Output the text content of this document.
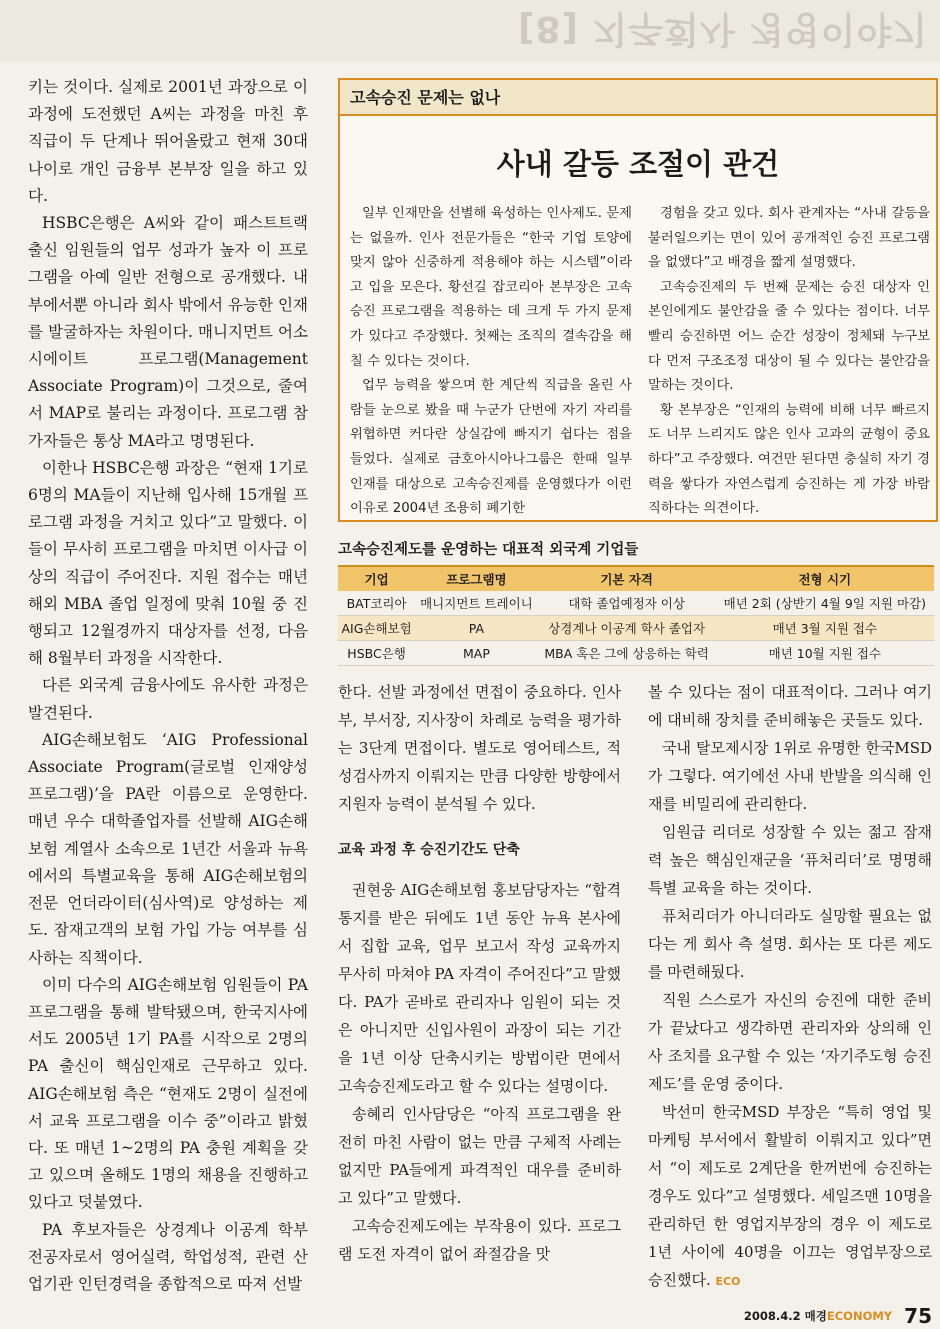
[8] 지주회사 경영이야기

키는 것이다. 실제로 2001년 과장으로 이 과정에 도전했던 A씨는 과정을 마친 후 직급이 두 단계나 뛰어올랐고 현재 30대 나이로 개인 금융부 본부장 일을 하고 있다.

HSBC은행은 A씨와 같이 패스트트랙 출신 임원들의 업무 성과가 높자 이 프로그램을 아예 일반 전형으로 공개했다. 내부에서뿐 아니라 회사 밖에서 유능한 인재를 발굴하자는 차원이다. 매니지먼트 어소시에이트 프로그램(Management Associate Program)이 그것으로, 줄여서 MAP로 불리는 과정이다. 프로그램 참가자들은 통상 MA라고 명명된다.

이한나 HSBC은행 과장은 “현재 1기로 6명의 MA들이 지난해 입사해 15개월 프로그램 과정을 거치고 있다”고 말했다. 이들이 무사히 프로그램을 마치면 이사급 이상의 직급이 주어진다. 지원 접수는 매년 해외 MBA 졸업 일정에 맞춰 10월 중 진행되고 12월경까지 대상자를 선정, 다음해 8월부터 과정을 시작한다.

다른 외국계 금융사에도 유사한 과정은 발견된다.

AIG손해보험도 ‘AIG Professional Associate Program(글로벌 인재양성 프로그램)’을 PA란 이름으로 운영한다. 매년 우수 대학졸업자를 선발해 AIG손해보험 계열사 소속으로 1년간 서울과 뉴욕에서의 특별교육을 통해 AIG손해보험의 전문 언더라이터(심사역)로 양성하는 제도. 잠재고객의 보험 가입 가능 여부를 심사하는 직책이다.

이미 다수의 AIG손해보험 임원들이 PA 프로그램을 통해 발탁됐으며, 한국지사에서도 2005년 1기 PA를 시작으로 2명의 PA 출신이 핵심인재로 근무하고 있다. AIG손해보험 측은 “현재도 2명이 실전에서 교육 프로그램을 이수 중”이라고 밝혔다. 또 매년 1~2명의 PA 충원 계획을 갖고 있으며 올해도 1명의 채용을 진행하고 있다고 덧붙였다.

PA 후보자들은 상경계나 이공계 학부 전공자로서 영어실력, 학업성적, 관련 산업기관 인턴경력을 종합적으로 따져 선발

고속승진 문제는 없나
사내 갈등 조절이 관건

일부 인재만을 선별해 육성하는 인사제도. 문제는 없을까. 인사 전문가들은 “한국 기업 토양에 맞지 않아 신중하게 적용해야 하는 시스템”이라고 입을 모은다. 황선길 잡코리아 본부장은 고속승진 프로그램을 적용하는 데 크게 두 가지 문제가 있다고 주장했다. 첫째는 조직의 결속감을 해칠 수 있다는 것이다.

업무 능력을 쌓으며 한 계단씩 직급을 올린 사람들 눈으로 봤을 때 누군가 단번에 자기 자리를 위협하면 커다란 상실감에 빠지기 쉽다는 점을 들었다. 실제로 금호아시아나그룹은 한때 일부 인재를 대상으로 고속승진제를 운영했다가 이런 이유로 2004년 조용히 폐기한

경험을 갖고 있다. 회사 관계자는 “사내 갈등을 불러일으키는 면이 있어 공개적인 승진 프로그램을 없앴다”고 배경을 짧게 설명했다.

고속승진제의 두 번째 문제는 승진 대상자 인 본인에게도 불안감을 줄 수 있다는 점이다. 너무 빨리 승진하면 어느 순간 성장이 정체돼 누구보다 먼저 구조조정 대상이 될 수 있다는 불안감을 말하는 것이다.

황 본부장은 “인재의 능력에 비해 너무 빠르지도 너무 느리지도 않은 인사 고과의 균형이 중요하다”고 주장했다. 여건만 된다면 충실히 자기 경력을 쌓다가 자연스럽게 승진하는 게 가장 바람직하다는 의견이다.

고속승진제도를 운영하는 대표적 외국계 기업들
기업	프로그램명	기본 자격	전형 시기
BAT코리아	매니지먼트 트레이니	대학 졸업예정자 이상	매년 2회 (상반기 4월 9일 지원 마감)
AIG손해보험	PA	상경계나 이공계 학사 졸업자	매년 3월 지원 접수
HSBC은행	MAP	MBA 혹은 그에 상응하는 학력	매년 10월 지원 접수

한다. 선발 과정에선 면접이 중요하다. 인사부, 부서장, 지사장이 차례로 능력을 평가하는 3단계 면접이다. 별도로 영어테스트, 적성검사까지 이뤄지는 만큼 다양한 방향에서 지원자 능력이 분석될 수 있다.

교육 과정 후 승진기간도 단축

권현웅 AIG손해보험 홍보담당자는 “합격통지를 받은 뒤에도 1년 동안 뉴욕 본사에서 집합 교육, 업무 보고서 작성 교육까지 무사히 마쳐야 PA 자격이 주어진다”고 말했다. PA가 곧바로 관리자나 임원이 되는 것은 아니지만 신입사원이 과장이 되는 기간을 1년 이상 단축시키는 방법이란 면에서 고속승진제도라고 할 수 있다는 설명이다.

송혜리 인사담당은 “아직 프로그램을 완전히 마친 사람이 없는 만큼 구체적 사례는 없지만 PA들에게 파격적인 대우를 준비하고 있다”고 말했다.

고속승진제도에는 부작용이 있다. 프로그램 도전 자격이 없어 좌절감을 맛

볼 수 있다는 점이 대표적이다. 그러나 여기에 대비해 장치를 준비해놓은 곳들도 있다.

국내 탈모제시장 1위로 유명한 한국MSD가 그렇다. 여기에선 사내 반발을 의식해 인재를 비밀리에 관리한다.

임원급 리더로 성장할 수 있는 젊고 잠재력 높은 핵심인재군을 ‘퓨처리더’로 명명해 특별 교육을 하는 것이다.

퓨처리더가 아니더라도 실망할 필요는 없다는 게 회사 측 설명. 회사는 또 다른 제도를 마련해뒀다.

직원 스스로가 자신의 승진에 대한 준비가 끝났다고 생각하면 관리자와 상의해 인사 조치를 요구할 수 있는 ‘자기주도형 승진제도’를 운영 중이다.

박선미 한국MSD 부장은 “특히 영업 및 마케팅 부서에서 활발히 이뤄지고 있다”면서 “이 제도로 2계단을 한꺼번에 승진하는 경우도 있다”고 설명했다. 세일즈맨 10명을 관리하던 한 영업지부장의 경우 이 제도로 1년 사이에 40명을 이끄는 영업부장으로 승진했다. ECO

2008.4.2 매경ECONOMY 75
